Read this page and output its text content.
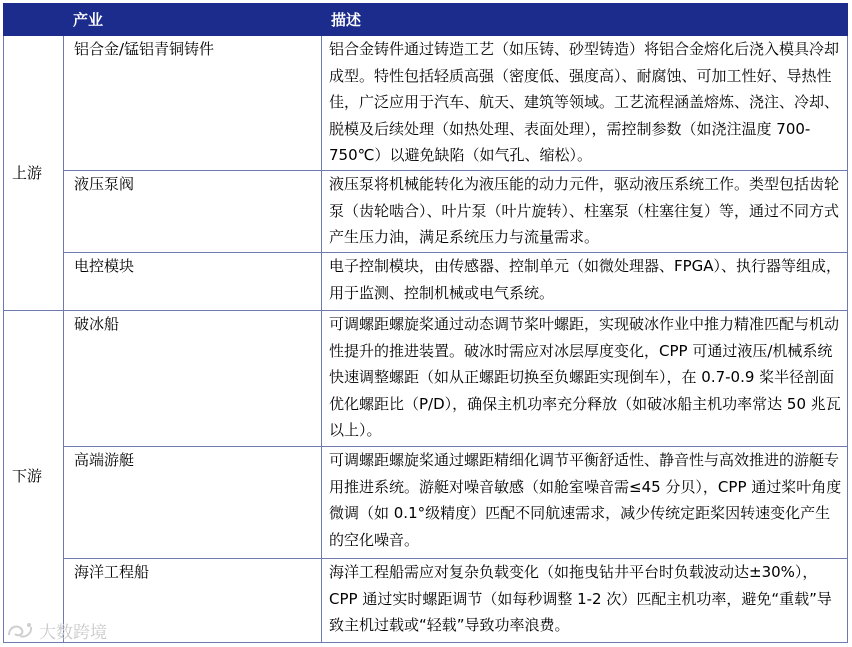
	产业	描述
上游	铝合金/锰铝青铜铸件	铝合金铸件通过铸造工艺（如压铸、砂型铸造）将铝合金熔化后浇入模具冷却成型。特性包括轻质高强（密度低、强度高）、耐腐蚀、可加工性好、导热性佳，广泛应用于汽车、航天、建筑等领域。工艺流程涵盖熔炼、浇注、冷却、脱模及后续处理（如热处理、表面处理），需控制参数（如浇注温度 700-750℃）以避免缺陷（如气孔、缩松）。
	液压泵阀	液压泵将机械能转化为液压能的动力元件，驱动液压系统工作。类型包括齿轮泵（齿轮啮合）、叶片泵（叶片旋转）、柱塞泵（柱塞往复）等，通过不同方式产生压力油，满足系统压力与流量需求。
	电控模块	电子控制模块，由传感器、控制单元（如微处理器、FPGA）、执行器等组成，用于监测、控制机械或电气系统。
下游	破冰船	可调螺距螺旋桨通过动态调节桨叶螺距，实现破冰作业中推力精准匹配与机动性提升的推进装置。破冰时需应对冰层厚度变化，CPP 可通过液压/机械系统快速调整螺距（如从正螺距切换至负螺距实现倒车），在 0.7-0.9 桨半径剖面优化螺距比（P/D），确保主机功率充分释放（如破冰船主机功率常达 50 兆瓦以上）。
	高端游艇	可调螺距螺旋桨通过螺距精细化调节平衡舒适性、静音性与高效推进的游艇专用推进系统。游艇对噪音敏感（如舱室噪音需≤45 分贝），CPP 通过桨叶角度微调（如 0.1°级精度）匹配不同航速需求，减少传统定距桨因转速变化产生的空化噪音。
	海洋工程船	海洋工程船需应对复杂负载变化（如拖曳钻井平台时负载波动达±30%），CPP 通过实时螺距调节（如每秒调整 1-2 次）匹配主机功率，避免“重载”导致主机过载或“轻载”导致功率浪费。
大数跨境
